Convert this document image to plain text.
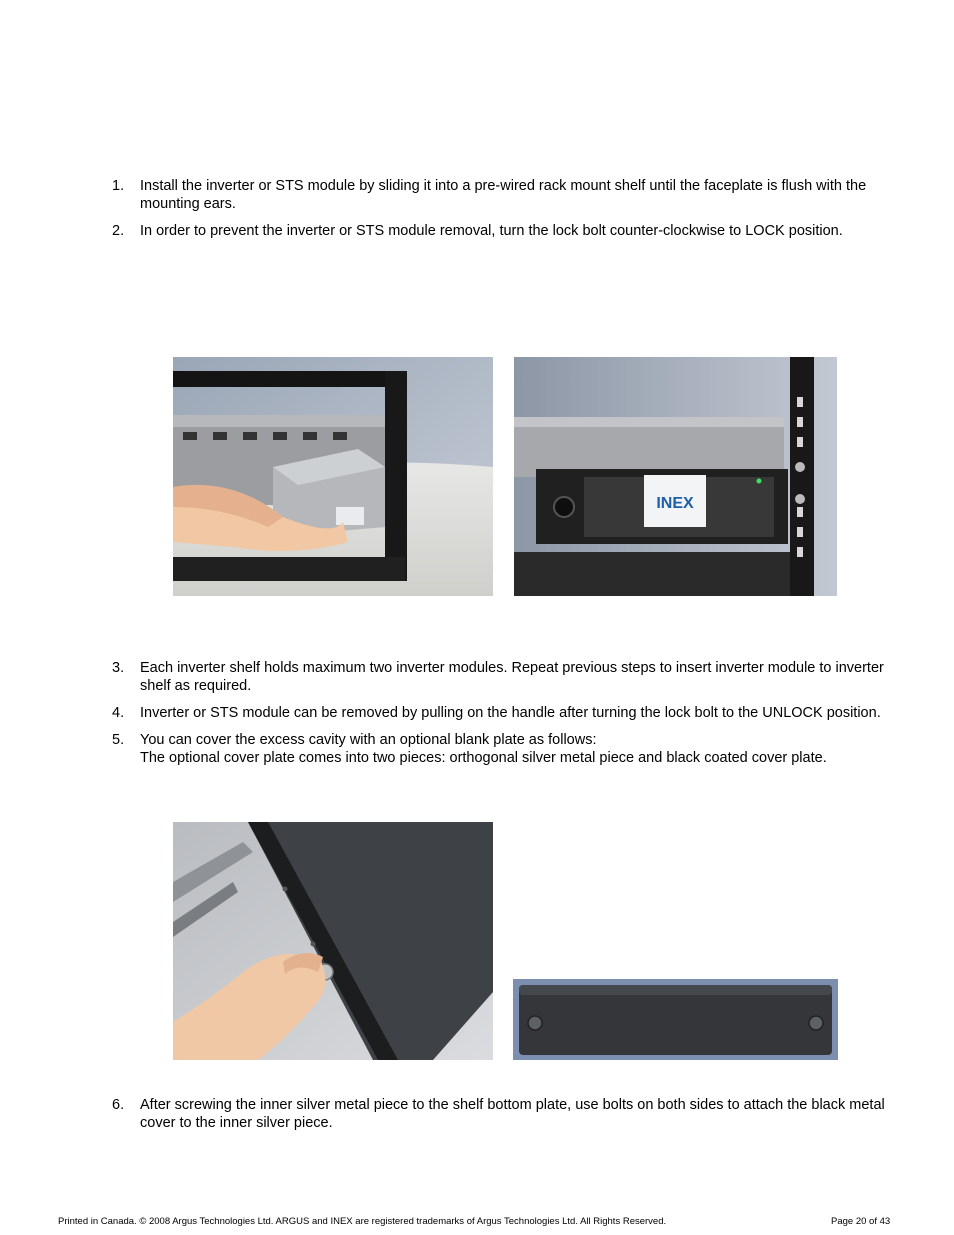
1. Install the inverter or STS module by sliding it into a pre-wired rack mount shelf until the faceplate is flush with the mounting ears.
2. In order to prevent the inverter or STS module removal, turn the lock bolt counter-clockwise to LOCK position.
INEX
3. Each inverter shelf holds maximum two inverter modules. Repeat previous steps to insert inverter module to inverter shelf as required.
4. Inverter or STS module can be removed by pulling on the handle after turning the lock bolt to the UNLOCK position.
5. You can cover the excess cavity with an optional blank plate as follows:
The optional cover plate comes into two pieces: orthogonal silver metal piece and black coated cover plate.
6. After screwing the inner silver metal piece to the shelf bottom plate, use bolts on both sides to attach the black metal cover to the inner silver piece.
Printed in Canada. © 2008 Argus Technologies Ltd. ARGUS and INEX are registered trademarks of Argus Technologies Ltd. All Rights Reserved.	Page 20 of 43
